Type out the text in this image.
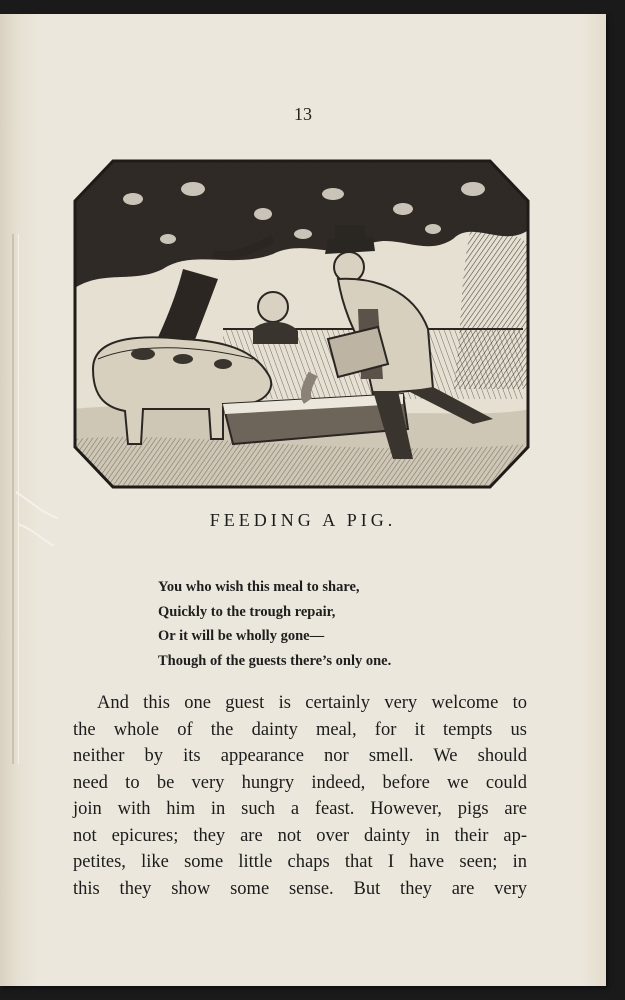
13
FEEDING A PIG.
You who wish this meal to share,
Quickly to the trough repair,
Or it will be wholly gone—
Though of the guests there’s only one.
And this one guest is certainly very welcome to
the whole of the dainty meal, for it tempts us
neither by its appearance nor smell. We should
need to be very hungry indeed, before we could
join with him in such a feast. However, pigs are
not epicures; they are not over dainty in their ap-
petites, like some little chaps that I have seen; in
this they show some sense. But they are very
